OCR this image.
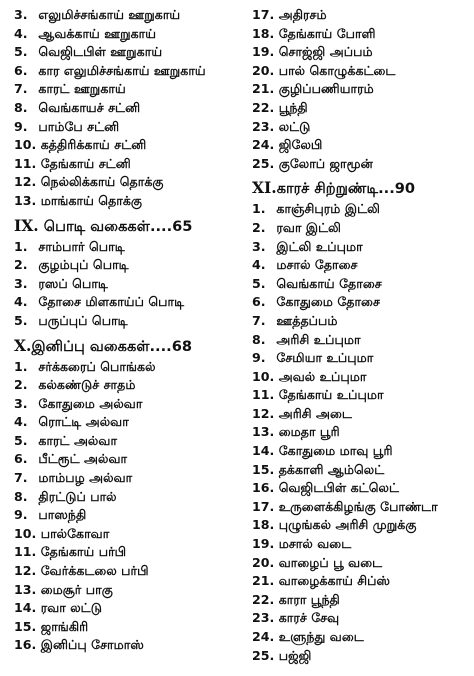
3. எலுமிச்சங்காய் ஊறுகாய்
4. ஆவக்காய் ஊறுகாய்
5. வெஜிடபிள் ஊறுகாய்
6. கார எலுமிச்சங்காய் ஊறுகாய்
7. காரட் ஊறுகாய்
8. வெங்காயச் சட்னி
9. பாம்பே சட்னி
10. கத்திரிக்காய் சட்னி
11. தேங்காய் சட்னி
12. நெல்லிக்காய் தொக்கு
13. மாங்காய் தொக்கு
IX. பொடி வகைகள்....65
1. சாம்பார் பொடி
2. குழம்புப் பொடி
3. ரஸப் பொடி
4. தோசை மிளகாய்ப் பொடி
5. பருப்புப் பொடி
X.இனிப்பு வகைகள்....68
1. சர்க்கரைப் பொங்கல்
2. கல்கண்டுச் சாதம்
3. கோதுமை அல்வா
4. ரொட்டி அல்வா
5. காரட் அல்வா
6. பீட்ரூட் அல்வா
7. மாம்பழ அல்வா
8. திரட்டுப் பால்
9. பாஸந்தி
10. பால்கோவா
11. தேங்காய் பர்பி
12. வேர்க்கடலை பர்பி
13. மைசூர் பாகு
14. ரவா லட்டு
15. ஜாங்கிரி
16. இனிப்பு சோமாஸ்
17. அதிரசம்
18. தேங்காய் போளி
19. சொஜ்ஜி அப்பம்
20. பால் கொழுக்கட்டை
21. குழிப்பணியாரம்
22. பூந்தி
23. லட்டு
24. ஜிலேபி
25. குலோப் ஜாமூன்
XI.காரச் சிற்றுண்டி...90
1. காஞ்சிபுரம் இட்லி
2. ரவா இட்லி
3. இட்லி உப்புமா
4. மசால் தோசை
5. வெங்காய் தோசை
6. கோதுமை தோசை
7. ஊத்தப்பம்
8. அரிசி உப்புமா
9. சேமியா உப்புமா
10. அவல் உப்புமா
11. தேங்காய் உப்புமா
12. அரிசி அடை
13. மைதா பூரி
14. கோதுமை மாவு பூரி
15. தக்காளி ஆம்லெட்
16. வெஜிடபிள் கட்லெட்
17. உருளைக்கிழங்கு போண்டா
18. புழுங்கல் அரிசி முறுக்கு
19. மசால் வடை
20. வாழைப் பூ வடை
21. வாழைக்காய் சிப்ஸ்
22. காரா பூந்தி
23. காரச் சேவு
24. உளுந்து வடை
25. பஜ்ஜி
